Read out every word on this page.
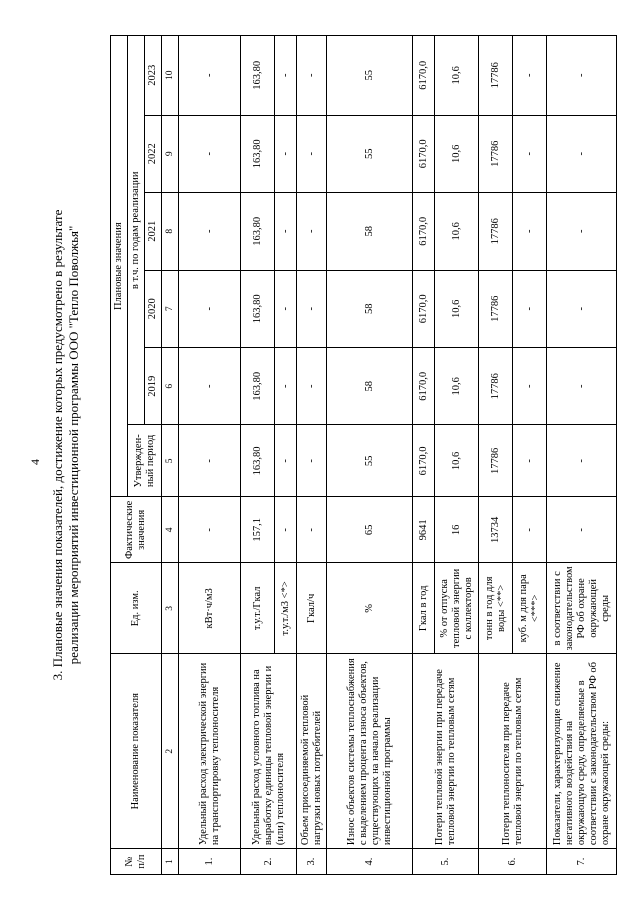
4 3. Плановые значения показателей, достижение которых предусмотрено в результате реализации мероприятий инвестиционной программы ООО "Тепло Поволжья"
№ п/п	Наименование показателя	Ед. изм.	Фактические значения	Плановые значения					
				Утвержден-ный период	в т.ч. по годам реализации				
					2019	2020	2021	2022	2023
1	2	3	4	5	6	7	8	9	10
1.	Удельный расход электрической энергии на транспортировку теплоносителя	кВт·ч/м3	-	-	-	-	-	-	-
2.	Удельный расход условного топлива на выработку единицы тепловой энергии и (или) теплоносителя	т.у.т./Гкал	157,1	163,80	163,80	163,80	163,80	163,80	163,80
		т.у.т./м3 <*>	-	-	-	-	-	-	-
3.	Объем присоединяемой тепловой нагрузки новых потребителей	Гкал/ч	-	-	-	-	-	-	-
4.	Износ объектов системы теплоснабжения с выделением процента износа объектов, существующих на начало реализации инвестиционной программы	%	65	55	58	58	58	55	55
5.	Потери тепловой энергии при передаче тепловой энергии по тепловым сетям	Гкал в год	9641	6170,0	6170,0	6170,0	6170,0	6170,0	6170,0
		% от отпуска тепловой энергии с коллекторов	16	10,6	10,6	10,6	10,6	10,6	10,6
6.	Потери теплоносителя при передаче тепловой энергии по тепловым сетям	тонн в год для воды <**>	13734	17786	17786	17786	17786	17786	17786
		куб. м для пара <***>	-	-	-	-	-	-	-
7.	Показатели, характеризующие снижение негативного воздействия на окружающую среду, определяемые в соответствии с законодательством РФ об охране окружающей среды:	в соответствии с законодательством РФ об охране окружающей среды	-	-	-	-	-	-	-
